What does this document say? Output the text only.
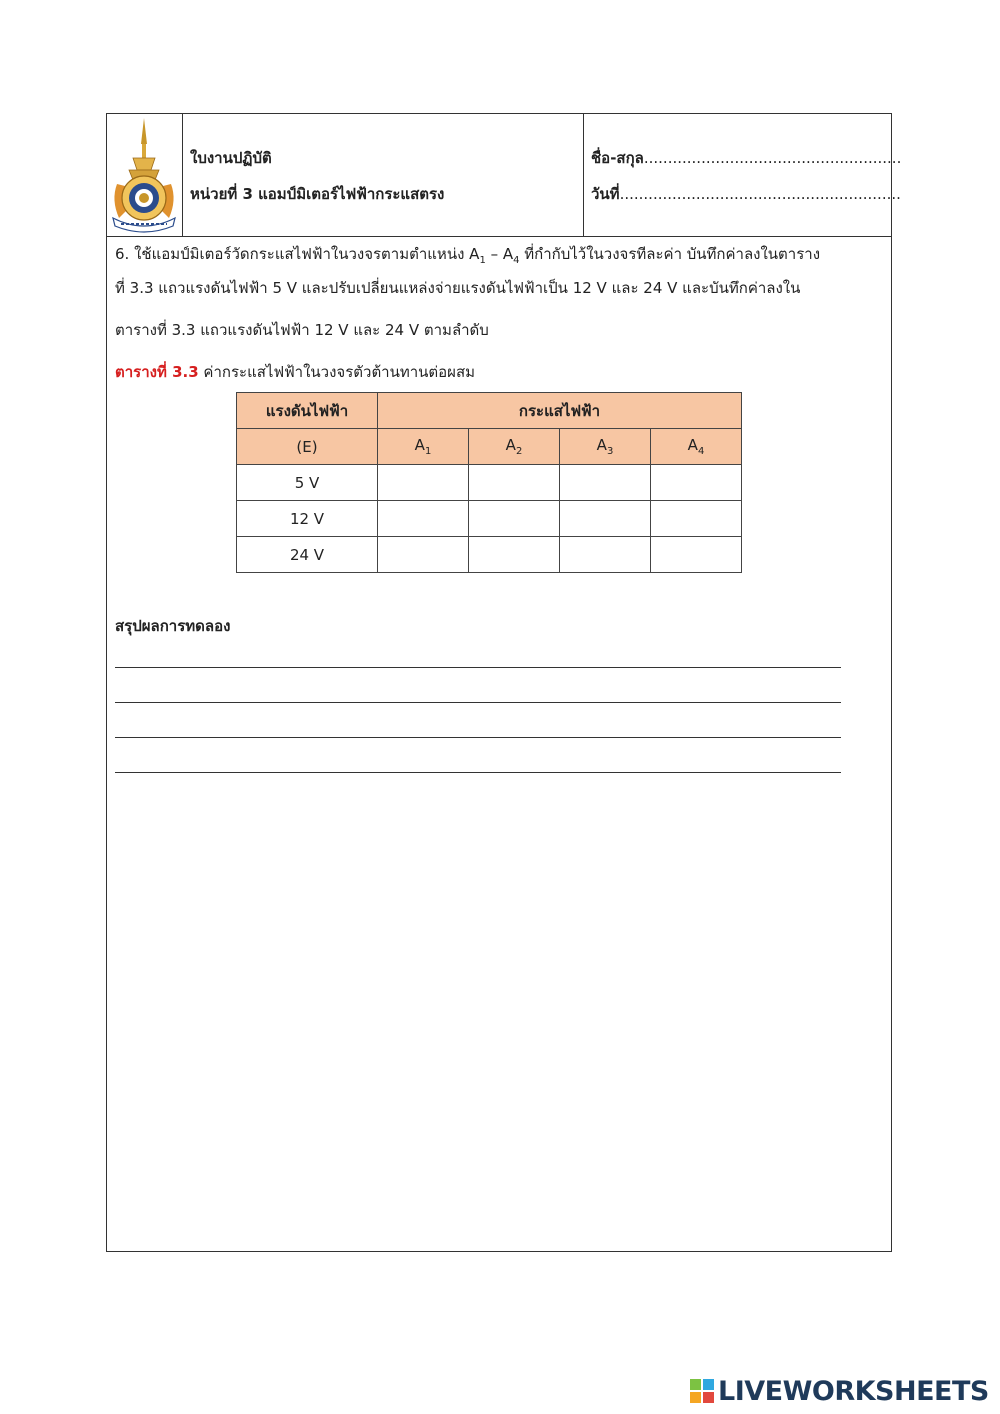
ใบงานปฏิบัติ
หน่วยที่ 3 แอมป์มิเตอร์ไฟฟ้ากระแสตรง
ชื่อ-สกุล......................................................
วันที่...........................................................
6. ใช้แอมป์มิเตอร์วัดกระแสไฟฟ้าในวงจรตามตำแหน่ง $A_1 - A_4$ ที่กำกับไว้ในวงจรทีละค่า บันทึกค่าลงในตาราง
ที่ 3.3 แถวแรงดันไฟฟ้า 5 V และปรับเปลี่ยนแหล่งจ่ายแรงดันไฟฟ้าเป็น 12 V และ 24 V และบันทึกค่าลงใน
ตารางที่ 3.3 แถวแรงดันไฟฟ้า 12 V และ 24 V ตามลำดับ
ตารางที่ 3.3 ค่ากระแสไฟฟ้าในวงจรตัวต้านทานต่อผสม
แรงดันไฟฟ้า	กระแสไฟฟ้า			
(E)	$A_1$	$A_2$	$A_3$	$A_4$
5 V				
12 V				
24 V				
สรุปผลการทดลอง
LIVEWORKSHEETS
